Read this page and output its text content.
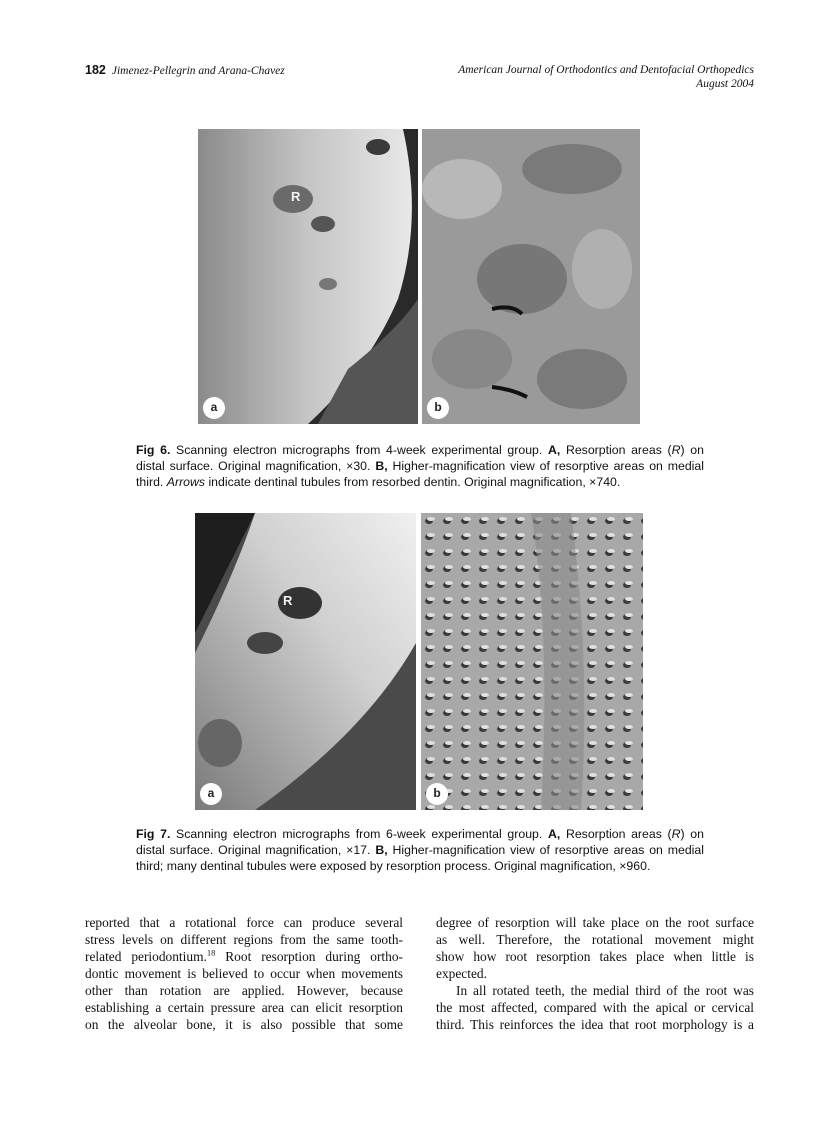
182 Jimenez-Pellegrin and Arana-Chavez	American Journal of Orthodontics and Dentofacial Orthopedics
August 2004
R
a	b
Fig 6. Scanning electron micrographs from 4-week experimental group. A, Resorption areas (R) on distal surface. Original magnification, ×30. B, Higher-magnification view of resorptive areas on medial third. Arrows indicate dentinal tubules from resorbed dentin. Original magnification, ×740.
R
a	b
Fig 7. Scanning electron micrographs from 6-week experimental group. A, Resorption areas (R) on distal surface. Original magnification, ×17. B, Higher-magnification view of resorptive areas on medial third; many dentinal tubules were exposed by resorption process. Original magnification, ×960.
reported that a rotational force can produce several
stress levels on different regions from the same tooth-
related periodontium.$^{18}$ Root resorption during ortho-
dontic movement is believed to occur when movements
other than rotation are applied. However, because
establishing a certain pressure area can elicit resorption
on the alveolar bone, it is also possible that some
degree of resorption will take place on the root surface
as well. Therefore, the rotational movement might
show how root resorption takes place when little is
expected.
In all rotated teeth, the medial third of the root was
the most affected, compared with the apical or cervical
third. This reinforces the idea that root morphology is a
